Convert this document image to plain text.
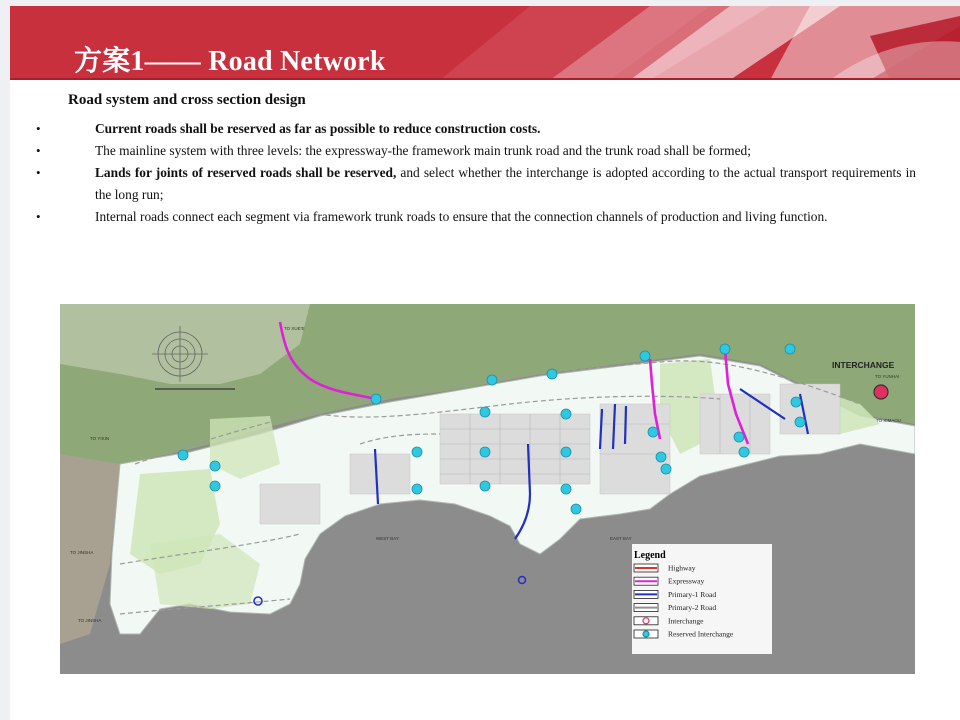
方案1—— Road Network
Road system and cross section design
•	Current roads shall be reserved as far as possible to reduce construction costs.
•	The mainline system with three levels: the expressway-the framework main trunk road and the trunk road shall be formed;
•	Lands for joints of reserved roads shall be reserved, and select whether the interchange is adopted according to the actual transport requirements in the long run;
•	Internal roads connect each segment via framework trunk roads to ensure that the connection channels of production and living function.
TO XUE'E
TO YIXIN
TO JINSHA
TO JINSHA
TO YUNHAI
TO XIMAOU
WEST BAY	EAST BAY
INTERCHANGE
Legend
Highway
Expressway
Primary-1 Road
Primary-2 Road
Interchange
Reserved Interchange
